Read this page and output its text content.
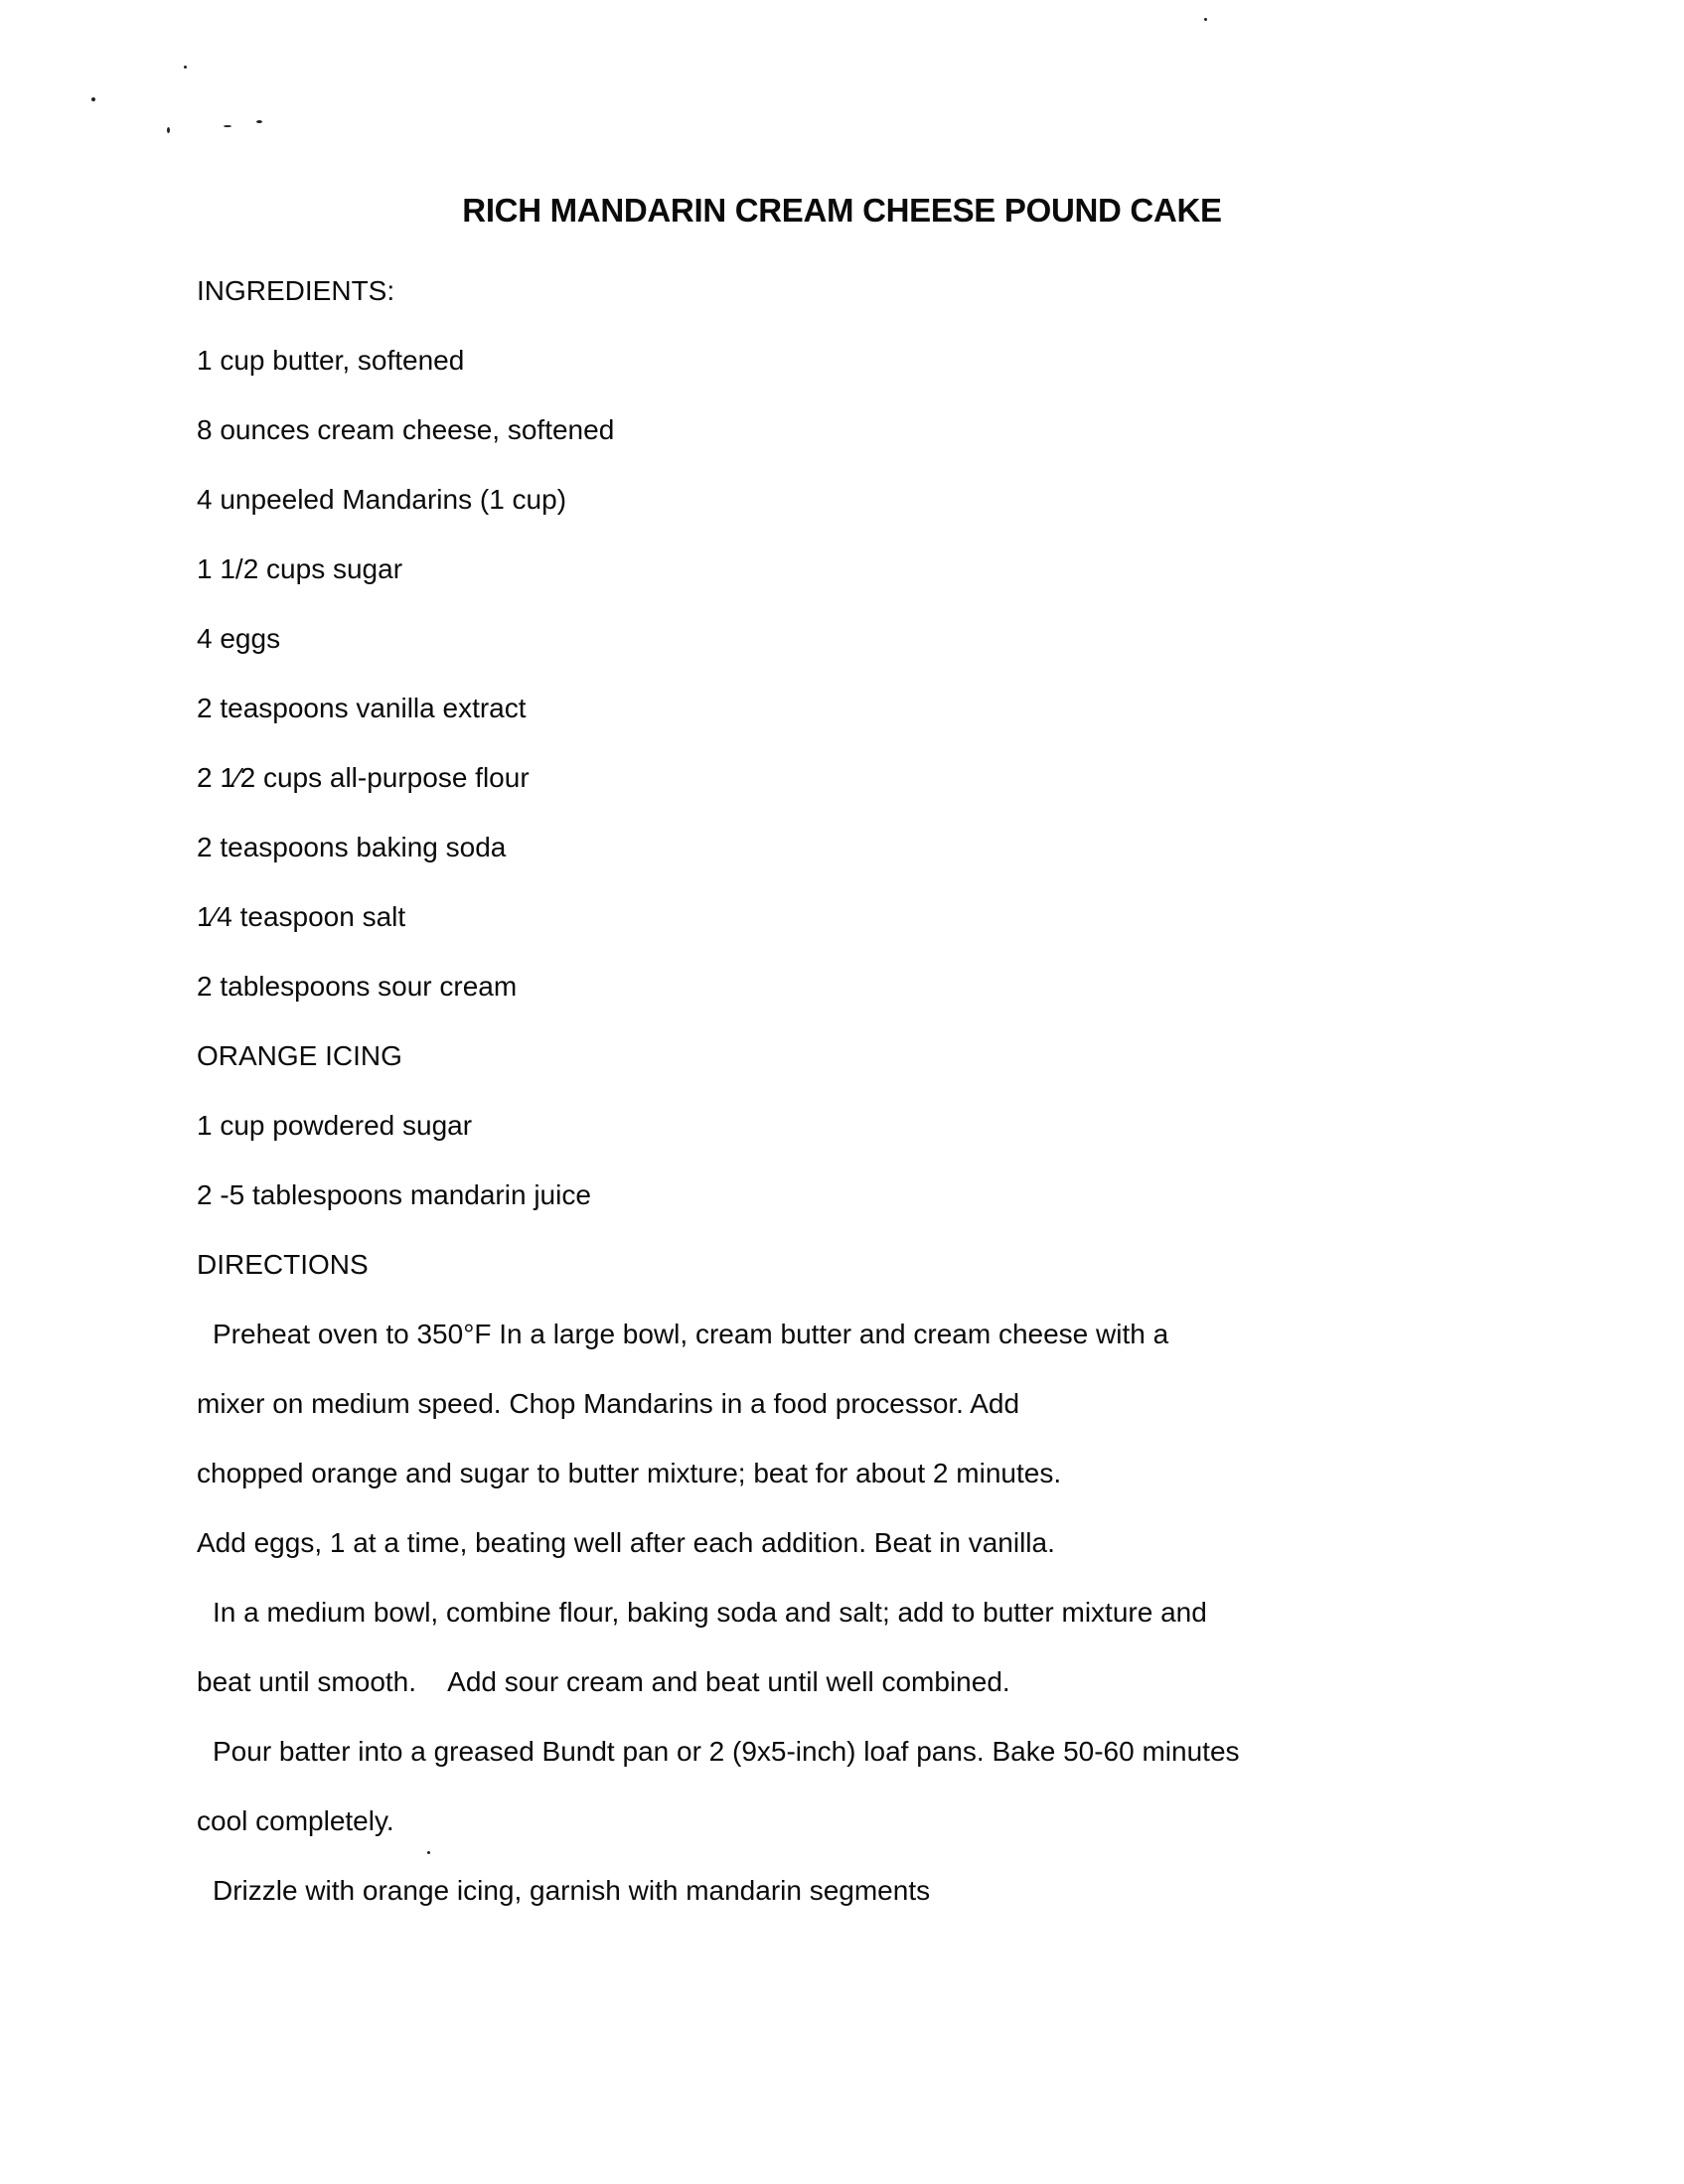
RICH MANDARIN CREAM CHEESE POUND CAKE
INGREDIENTS:
1 cup butter, softened
8 ounces cream cheese, softened
4 unpeeled Mandarins (1 cup)
1 1/2 cups sugar
4 eggs
2 teaspoons vanilla extract
2 1⁄2 cups all-purpose flour
2 teaspoons baking soda
1⁄4 teaspoon salt
2 tablespoons sour cream
ORANGE ICING
1 cup powdered sugar
2 -5 tablespoons mandarin juice
DIRECTIONS
Preheat oven to 350°F In a large bowl, cream butter and cream cheese with a
mixer on medium speed. Chop Mandarins in a food processor. Add
chopped orange and sugar to butter mixture; beat for about 2 minutes.
Add eggs, 1 at a time, beating well after each addition. Beat in vanilla.
In a medium bowl, combine flour, baking soda and salt; add to butter mixture and
beat until smooth.    Add sour cream and beat until well combined.
Pour batter into a greased Bundt pan or 2 (9x5-inch) loaf pans. Bake 50-60 minutes
cool completely.
Drizzle with orange icing, garnish with mandarin segments
